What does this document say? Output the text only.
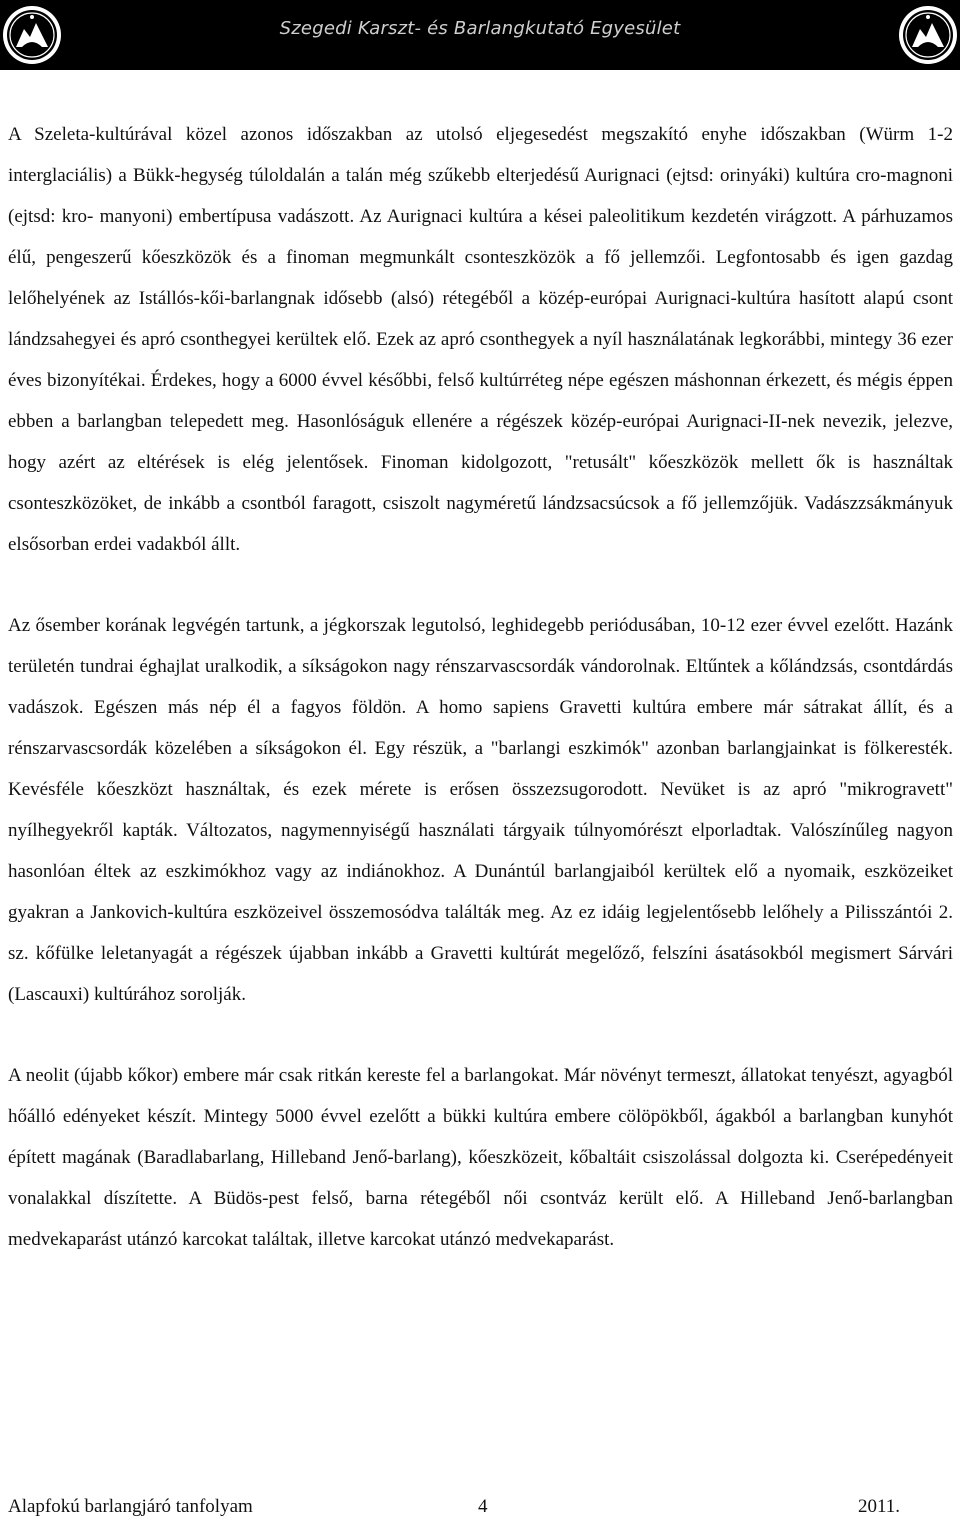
Szegedi Karszt- és Barlangkutató Egyesület

A Szeleta-kultúrával közel azonos időszakban az utolsó eljegesedést megszakító enyhe időszakban (Würm 1-2 interglaciális) a Bükk-hegység túloldalán a talán még szűkebb elterjedésű Aurignaci (ejtsd: orinyáki) kultúra cro-magnoni (ejtsd: kro- manyoni) embertípusa vadászott. Az Aurignaci kultúra a kései paleolitikum kezdetén virágzott. A párhuzamos élű, pengeszerű kőeszközök és a finoman megmunkált csonteszközök a fő jellemzői. Legfontosabb és igen gazdag lelőhelyének az Istállós-kői-barlangnak idősebb (alsó) rétegéből a közép-európai Aurignaci-kultúra hasított alapú csont lándzsahegyei és apró csonthegyei kerültek elő. Ezek az apró csonthegyek a nyíl használatának legkorábbi, mintegy 36 ezer éves bizonyítékai. Érdekes, hogy a 6000 évvel későbbi, felső kultúrréteg népe egészen máshonnan érkezett, és mégis éppen ebben a barlangban telepedett meg. Hasonlóságuk ellenére a régészek közép-európai Aurignaci-II-nek nevezik, jelezve, hogy azért az eltérések is elég jelentősek. Finoman kidolgozott, "retusált" kőeszközök mellett ők is használtak csonteszközöket, de inkább a csontból faragott, csiszolt nagyméretű lándzsacsúcsok a fő jellemzőjük. Vadászzsákmányuk elsősorban erdei vadakból állt.

Az ősember korának legvégén tartunk, a jégkorszak legutolsó, leghidegebb periódusában, 10-12 ezer évvel ezelőtt. Hazánk területén tundrai éghajlat uralkodik, a síkságokon nagy rénszarvascsordák vándorolnak. Eltűntek a kőlándzsás, csontdárdás vadászok. Egészen más nép él a fagyos földön. A homo sapiens Gravetti kultúra embere már sátrakat állít, és a rénszarvascsordák közelében a síkságokon él. Egy részük, a "barlangi eszkimók" azonban barlangjainkat is fölkeresték. Kevésféle kőeszközt használtak, és ezek mérete is erősen összezsugorodott. Nevüket is az apró "mikrogravett" nyílhegyekről kapták. Változatos, nagymennyiségű használati tárgyaik túlnyomórészt elporladtak. Valószínűleg nagyon hasonlóan éltek az eszkimókhoz vagy az indiánokhoz. A Dunántúl barlangjaiból kerültek elő a nyomaik, eszközeiket gyakran a Jankovich-kultúra eszközeivel összemosódva találták meg. Az ez idáig legjelentősebb lelőhely a Pilisszántói 2. sz. kőfülke leletanyagát a régészek újabban inkább a Gravetti kultúrát megelőző, felszíni ásatásokból megismert Sárvári (Lascauxi) kultúrához sorolják.

A neolit (újabb kőkor) embere már csak ritkán kereste fel a barlangokat. Már növényt termeszt, állatokat tenyészt, agyagból hőálló edényeket készít. Mintegy 5000 évvel ezelőtt a bükki kultúra embere cölöpökből, ágakból a barlangban kunyhót épített magának (Baradlabarlang, Hilleband Jenő-barlang), kőeszközeit, kőbaltáit csiszolással dolgozta ki. Cserépedényeit vonalakkal díszítette. A Büdös-pest felső, barna rétegéből női csontváz került elő. A Hilleband Jenő-barlangban medvekaparást utánzó karcokat találtak, illetve karcokat utánzó medvekaparást.

Alapfokú barlangjáró tanfolyam	4	2011.
